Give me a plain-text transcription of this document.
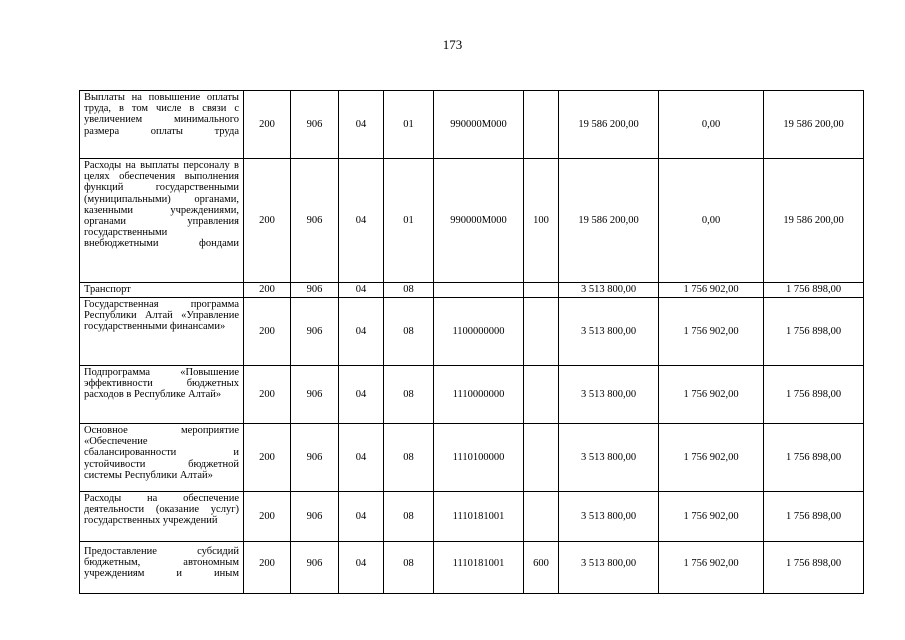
173
Выплаты на повышение оплаты труда, в том числе в связи с увеличением минимального размера оплаты труда	200	906	04	01	990000M000		19 586 200,00	0,00	19 586 200,00
Расходы на выплаты персоналу в целях обеспечения выполнения функций государственными (муниципальными) органами, казенными учреждениями, органами управления государственными внебюджетными фондами	200	906	04	01	990000M000	100	19 586 200,00	0,00	19 586 200,00
Транспорт	200	906	04	08			3 513 800,00	1 756 902,00	1 756 898,00
Государственная программа Республики Алтай «Управление государственными финансами»	200	906	04	08	1100000000		3 513 800,00	1 756 902,00	1 756 898,00
Подпрограмма «Повышение эффективности бюджетных расходов в Республике Алтай»	200	906	04	08	1110000000		3 513 800,00	1 756 902,00	1 756 898,00
Основное мероприятие «Обеспечение сбалансированности и устойчивости бюджетной системы Республики Алтай»	200	906	04	08	1110100000		3 513 800,00	1 756 902,00	1 756 898,00
Расходы на обеспечение деятельности (оказание услуг) государственных учреждений	200	906	04	08	1110181001		3 513 800,00	1 756 902,00	1 756 898,00
Предоставление субсидий бюджетным, автономным учреждениям и иным	200	906	04	08	1110181001	600	3 513 800,00	1 756 902,00	1 756 898,00
